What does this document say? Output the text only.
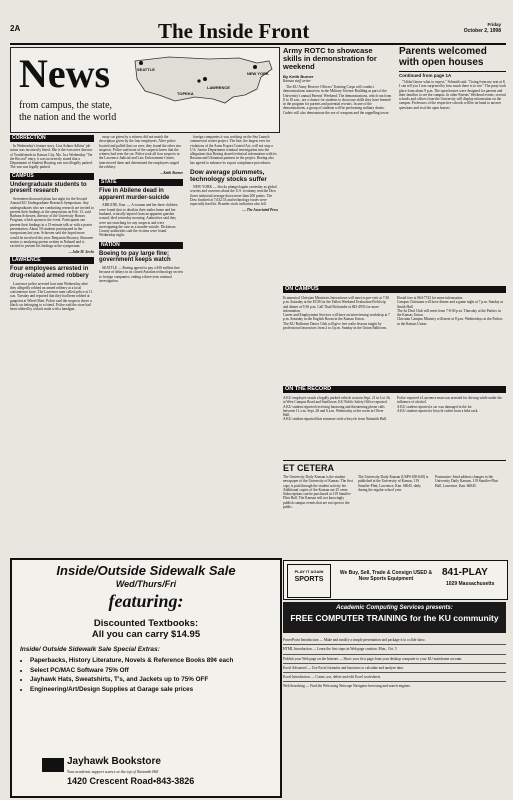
2A	The Inside Front	Friday
October 2, 1998
News
from campus, the state,
the nation and the world
SEATTLE
NEW YORK
LAWRENCE
TOPEKA
CORRECTION

In Wednesday's feature story, Lisa Ashner Adkins' job status was incorrectly listed. She is the executive director of Youthfriends in Kansas City, Mo. In a Wednesday "On the Record" entry, it was incorrectly stated that a Department of Student Housing van was illegally parked. The van was legally parked.

CAMPUS
Undergraduate students to present research

Seventeen discussed plans last night for the Second Annual KU Undergraduate Research Symposium. Any undergraduates who are conducting research are invited to present their findings at the symposium on Feb. 13, said Barbara Schowen, director of the University Honors Program, which sponsors the event. Participants can present their findings in a 15-minute talk or with a poster presentation. About 50 students participated in the symposium last year. Schowen said she hoped more would be involved this year. Benjamin Shousey, Shawnee senior, is analyzing poems written in Nahuatl and is excited to present his findings at the symposium.

—Julie M. Sechs
LAWRENCE
Four employees arrested in drug-related armed robbery

Lawrence police arrested four men Wednesday after they allegedly robbed an armed robbery at a local convenience store. The Lawrence men called police at 11 a.m. Tuesday and reported that they had been robbed at gunpoint at Wheel Mart. Police said the suspects drove a black car belonging to a friend. Police said the store had been robbed by a black male with a handgun.

away car given by a witness did not match the description given by the four employees. After police located and pulled that car over, they found the other two suspects. Police said none of the suspects knew that the witness had seen the car. Police took all four suspects to the Lawrence Judicial and Law Enforcement Center, interviewed them and determined the employees staged the robbery.

—Keith Burner
STATE
Five in Abilene dead in apparent murder-suicide

ABILENE, Kan. — A woman and her three children were found shot to death in their trailer home and her husband, critically injured from an apparent gunshot wound, died yesterday morning. Authorities said they were not searching for any suspects and were investigating the case as a murder-suicide. Dickinson County authorities said the victims were found Wednesday night.

NATION
Boeing to pay large fine; government keeps watch

SEATTLE — Boeing agreed to pay a $10 million fine because of delays in its closed Aviation technology secrets to foreign companies, ending a three-year criminal investigation.

foreign companies it was working on the Sea Launch commercial rocket project. The fine, the largest ever for violations of the Arms Export Control Act, will not stop a U.S. Justice Department criminal investigation into the allegations that Boeing shared technical information with its Russian and Ukrainian partners in the project. Boeing also has agreed to enhance its export compliance procedures.

Dow average plummets, technology stocks suffer

NEW YORK — Stocks plunged again yesterday as global worries and concerns about the U.S. economy sent the Dow Jones industrial average down more than 200 points. The Dow finished at 7,632.53 and technology issues were especially hard hit. Broader stock indicators also fell.

— The Associated Press
Army ROTC to showcase skills in demonstration for weekend
By Keith Burner
Kansan staff writer
The KU Army Reserve Officers' Training Corps will conduct demonstrations tomorrow in the Military Science Building as part of the University's annual Parents' Weekend. The demonstrations, which run from 8 to 10 a.m., are a chance for students to showcase skills they have learned in the program for parents and potential recruits. In one of the demonstrations, a group of students will be performing military duties. Cadets will also demonstrate the use of weapons and the rappelling tower.
Parents welcomed with open houses
Continued from page 1A
"I didn't know what to expect," Schmidt said. "Going from my seat at 8, I can tell you I was surprised by how much there is to see." The party took place from about 9 p.m. The open houses were designed for parents and their families to see the campus. In other Parents' Weekend events, several schools and offices from the University will display information on the campus. Professors of the respective schools will be on hand to answer questions and visit the open houses.
ON CAMPUS
Ecumenical Christian Ministries Interactions will meet to pre-visit at 7:30 p.m. Saturday at the ECM for the Fallen Weekend Evaluation Field trip and dinner at 9:30 p.m. Call Thad Holcombe at 843-4933 for more information.
Career and Employment Services will have an interviewing workshop at 7 p.m. Saturday in the English Room in the Kansas Union.
The KU Ballroom Dance Club will give free waltz lessons taught by professional instructors from 2 to 4 p.m. Sunday in the Union Ballroom.
Hostel free at 864-7743 for more information.
Campus Christians will hove dinner and a game night at 7 p.m. Sunday at Smith Hall.
The Ist Deaf Club will meet from 7-8:30 p.m. Thursday at the Parlors in the Kansas Union.
Christian Campus Ministry will meet at 8 p.m. Wednesdays at the Parlors in the Kansas Union.
ON THE RECORD
A KU employee struck a legally parked vehicle at noon Sept. 21 in Lot 36, at West Campus Road and Sunflower, KU Public Safety Office reported.
A KU student reported receiving harassing and threatening phone calls between 11 a.m. Sept. 28 and 6 a.m. Wednesday at her room in Oliver Hall.
A KU student reported that someone stole a bicycle from Naismith Hall.
Police reported a Lawrence man was arrested for driving while under the influence of alcohol.
A KU student reported a car was damaged in the lot.
A KU student reported a bicycle stolen from a bike rack.
ET CETERA
The University Daily Kansan is the student newspaper of the University of Kansas. The first copy is paid through the student activity fee. Additional copies of the Kansan are 25 cents. Subscriptions can be purchased at 119 Stauffer-Flint Hall. The Kansan will not knowingly publish campus events that are not open to the public.
The University Daily Kansan (USPS 650-640) is published at the University of Kansas, 119 Stauffer-Flint, Lawrence, Kan. 66045, daily during the regular school year.
Postmaster: Send address changes to the University Daily Kansan, 119 Stauffer-Flint Hall, Lawrence, Kan. 66045.
Inside/Outside Sidewalk Sale
Wed/Thurs/Fri
featuring:
Discounted Textbooks:
All you can carry $14.95
Inside/ Outside Sidewalk Sale Special Extras:
• Paperbacks, History Literature, Novels & Reference Books 89¢ each
• Select PC/MAC Software 75% Off
• Jayhawk Hats, Sweatshirts, T's, and Jackets up to 75% OFF
• Engineering/Art/Design Supplies at Garage sale prices
Jayhawk Bookstore
Your academic support source at the top of Naismith Hill
1420 Crescent Road•843-3826
PLAY IT AGAIN
SPORTS
We Buy, Sell, Trade & Consign USED & New Sports Equipment
841-PLAY
1029 Massachusetts
Academic Computing Services presents:
FREE COMPUTER TRAINING for the KU community
PowerPoint Introduction — Make and modify a simple presentation and package it to a slide show.
HTML Introduction — Learn the first steps in Web page creation. Mon., Oct. 5
Publish your Web page on the Internet — Show your first page from your desktop computer to your KU mainframe account.
Excel Advanced — Use Excel formulas and functions to calculate and analyze data.
Excel Introduction — Create, use, delete and edit Excel worksheets.
Web Searching — Find the Web using Netscape Navigator browsing and search engines.
